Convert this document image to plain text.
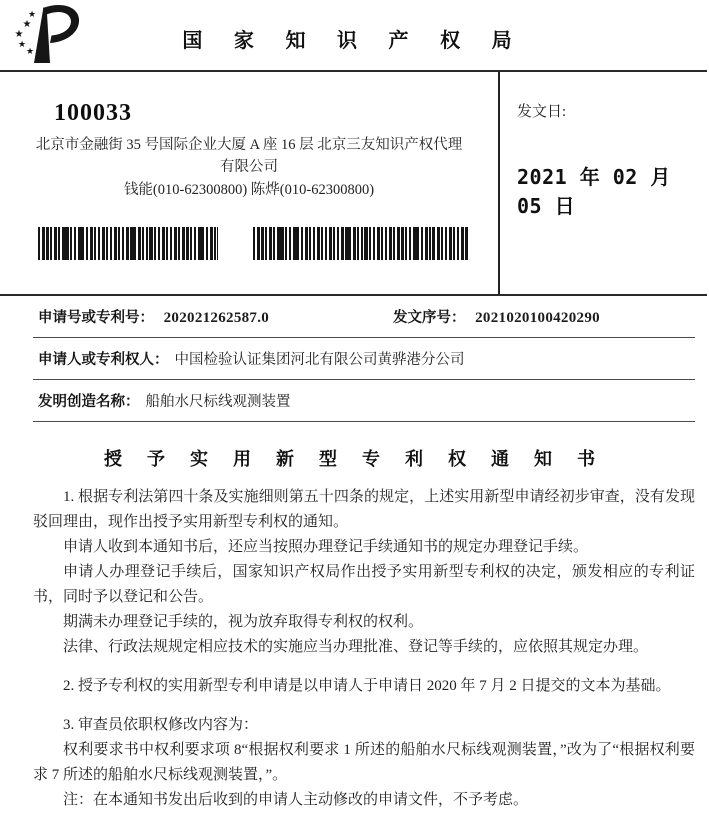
★
★
★
★
★	国 家 知 识 产 权 局
100033
北京市金融街 35 号国际企业大厦 A 座 16 层 北京三友知识产权代理
有限公司
钱能(010-62300800) 陈烨(010-62300800)
发文日:
2021 年 02 月 05 日
申请号或专利号： 202021262587.0	发文序号： 2021020100420290
申请人或专利权人： 中国检验认证集团河北有限公司黄骅港分公司
发明创造名称： 船舶水尺标线观测装置
授 予 实 用 新 型 专 利 权 通 知 书

1. 根据专利法第四十条及实施细则第五十四条的规定，上述实用新型申请经初步审查，没有发现驳回理由，现作出授予实用新型专利权的通知。

申请人收到本通知书后，还应当按照办理登记手续通知书的规定办理登记手续。

申请人办理登记手续后，国家知识产权局作出授予实用新型专利权的决定，颁发相应的专利证书，同时予以登记和公告。

期满未办理登记手续的，视为放弃取得专利权的权利。

法律、行政法规规定相应技术的实施应当办理批准、登记等手续的，应依照其规定办理。

2. 授予专利权的实用新型专利申请是以申请人于申请日 2020 年 7 月 2 日提交的文本为基础。

3. 审查员依职权修改内容为：

权利要求书中权利要求项 8“根据权利要求 1 所述的船舶水尺标线观测装置，”改为了“根据权利要求 7 所述的船舶水尺标线观测装置，”。

注：在本通知书发出后收到的申请人主动修改的申请文件，不予考虑。
